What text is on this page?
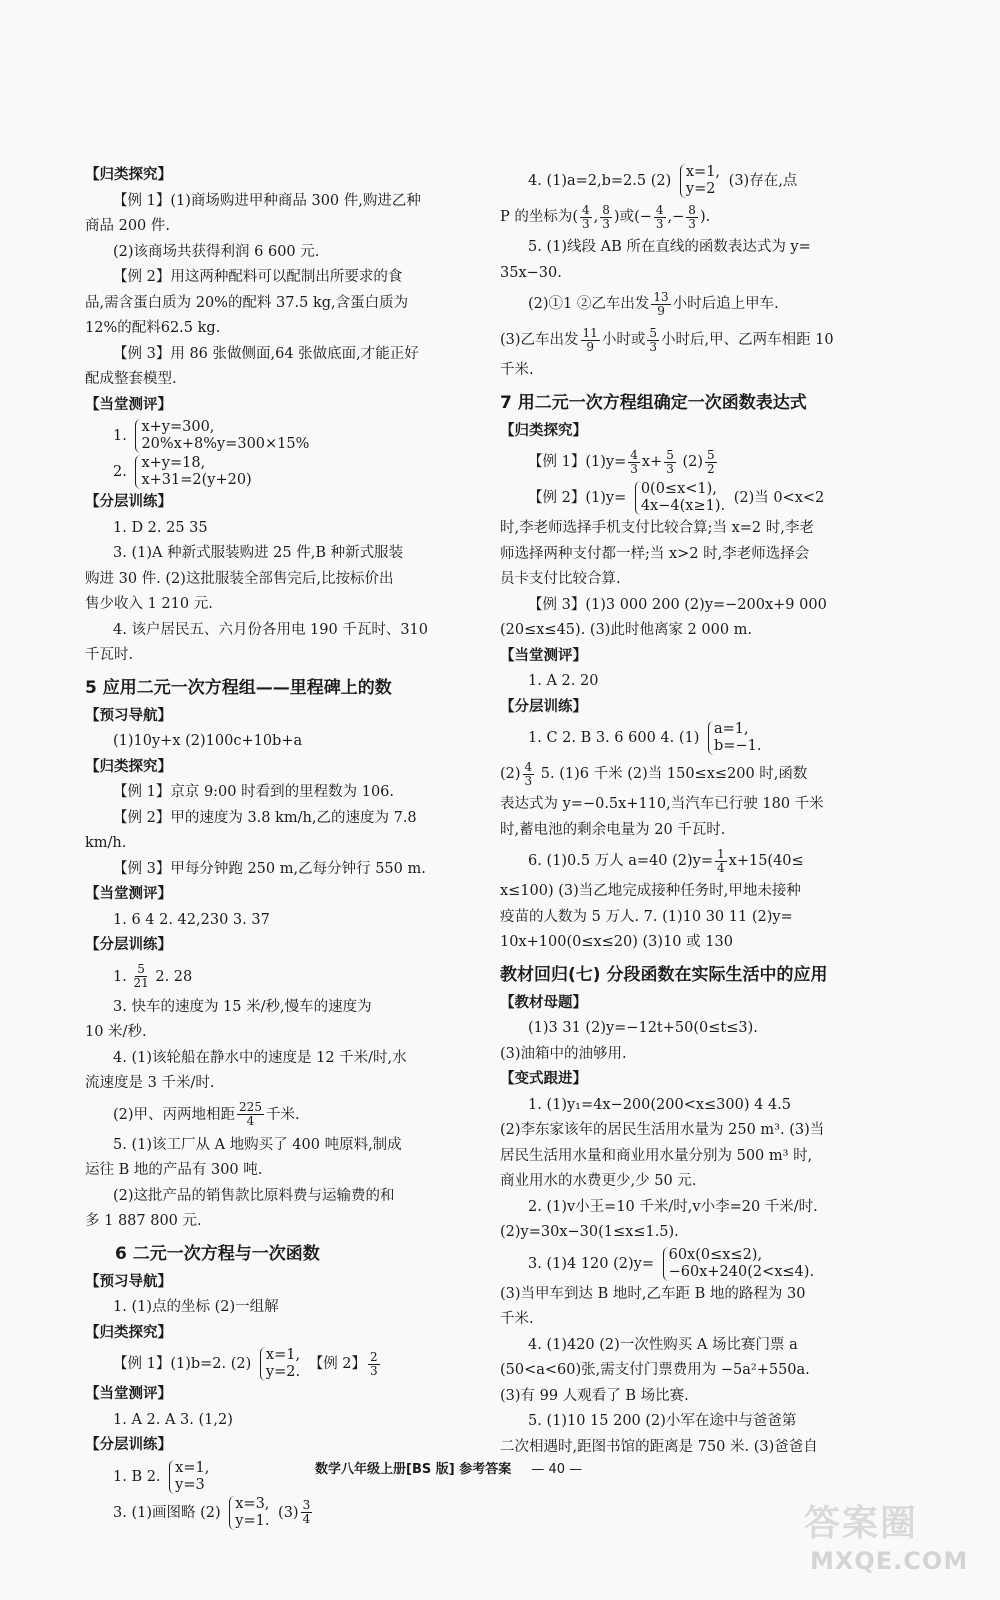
【归类探究】
【例 1】(1)商场购进甲种商品 300 件,购进乙种
商品 200 件.
(2)该商场共获得利润 6 600 元.
【例 2】用这两种配料可以配制出所要求的食
品,需含蛋白质为 20%的配料 37.5 kg,含蛋白质为
12%的配料62.5 kg.
【例 3】用 86 张做侧面,64 张做底面,才能正好
配成整套模型.
【当堂测评】
1. x+y=300,
20%x+8%y=300×15%
2. x+y=18,
x+31=2(y+20)
【分层训练】
1. D 2. 25 35
3. (1)A 种新式服装购进 25 件,B 种新式服装
购进 30 件. (2)这批服装全部售完后,比按标价出
售少收入 1 210 元.
4. 该户居民五、六月份各用电 190 千瓦时、310
千瓦时.
5 应用二元一次方程组——里程碑上的数
【预习导航】
(1)10y+x (2)100c+10b+a
【归类探究】
【例 1】京京 9:00 时看到的里程数为 106.
【例 2】甲的速度为 3.8 km/h,乙的速度为 7.8
km/h.
【例 3】甲每分钟跑 250 m,乙每分钟行 550 m.
【当堂测评】
1. 6 4 2. 42,230 3. 37
【分层训练】
1. $\frac{5}{21} 2$. 28
3. 快车的速度为 15 米/秒,慢车的速度为
10 米/秒.
4. (1)该轮船在静水中的速度是 12 千米/时,水
流速度是 3 千米/时.
(2)甲、丙两地相距 $\frac{225}{4}$ 千米.
5. (1)该工厂从 A 地购买了 400 吨原料,制成
运往 B 地的产品有 300 吨.
(2)这批产品的销售款比原料费与运输费的和
多 1 887 800 元.
6 二元一次方程与一次函数
【预习导航】
1. (1)点的坐标 (2)一组解
【归类探究】
【例 1】(1)b=2. (2) x=1,
y=2. 【例 2】 $\frac{2}{3}$
【当堂测评】
1. A 2. A 3. (1,2)
【分层训练】
1. B 2. x=1,
y=3
3. (1)画图略 (2) x=3,
y=1. $(3) \frac{3}{4}$
4. (1)a=2,b=2.5 (2) x=1,
y=2 (3)存在,点
P 的坐标为( $\frac{4}{3}$ , $\frac{8}{3}$ )或(− $\frac{4}{3}$ ,− $\frac{8}{3}$ ).
5. (1)线段 AB 所在直线的函数表达式为 y=
35x−30.
(2)①1 ②乙车出发 $\frac{13}{9}$ 小时后追上甲车.
(3)乙车出发 $\frac{11}{9}$ 小时或 $\frac{5}{3}$ 小时后,甲、乙两车相距 10
千米.
7 用二元一次方程组确定一次函数表达式
【归类探究】
【例 1】$(1)y= \frac{4}{3} x+ \frac{5}{3} (2) \frac{5}{2}$
【例 2】(1)y= 0(0≤x<1),
4x−4(x≥1). (2)当 0<x<2
时,李老师选择手机支付比较合算;当 x=2 时,李老
师选择两种支付都一样;当 x>2 时,李老师选择会
员卡支付比较合算.
【例 3】(1)3 000 200 (2)y=−200x+9 000
(20≤x≤45). (3)此时他离家 2 000 m.
【当堂测评】
1. A 2. 20
【分层训练】
1. C 2. B 3. 6 600 4. (1) a=1,
b=−1.
$(2) \frac{4}{3} 5$. (1)6 千米 (2)当 150≤x≤200 时,函数
表达式为 y=−0.5x+110,当汽车已行驶 180 千米
时,蓄电池的剩余电量为 20 千瓦时.
6. (1)0.5 万人 a=40 $(2)y= \frac{1}{4} x+15(40\le$
x≤100) (3)当乙地完成接种任务时,甲地未接种
疫苗的人数为 5 万人. 7. (1)10 30 11 (2)y=
10x+100(0≤x≤20) (3)10 或 130
教材回归(七) 分段函数在实际生活中的应用
【教材母题】
(1)3 31 (2)y=−12t+50(0≤t≤3).
(3)油箱中的油够用.
【变式跟进】
1. (1)y₁=4x−200(200<x≤300) 4 4.5
(2)李东家该年的居民生活用水量为 250 m³. (3)当
居民生活用水量和商业用水量分别为 500 m³ 时,
商业用水的水费更少,少 50 元.
2. (1)v小王=10 千米/时,v小李=20 千米/时.
(2)y=30x−30(1≤x≤1.5).
3. (1)4 120 (2)y= 60x(0≤x≤2),
−60x+240(2<x≤4).
(3)当甲车到达 B 地时,乙车距 B 地的路程为 30
千米.
4. (1)420 (2)一次性购买 A 场比赛门票 a
(50<a<60)张,需支付门票费用为 −5a²+550a.
(3)有 99 人观看了 B 场比赛.
5. (1)10 15 200 (2)小军在途中与爸爸第
二次相遇时,距图书馆的距离是 750 米. (3)爸爸自
数学八年级上册[BS 版] 参考答案 — 40 —
答案圈
MXQE.COM
